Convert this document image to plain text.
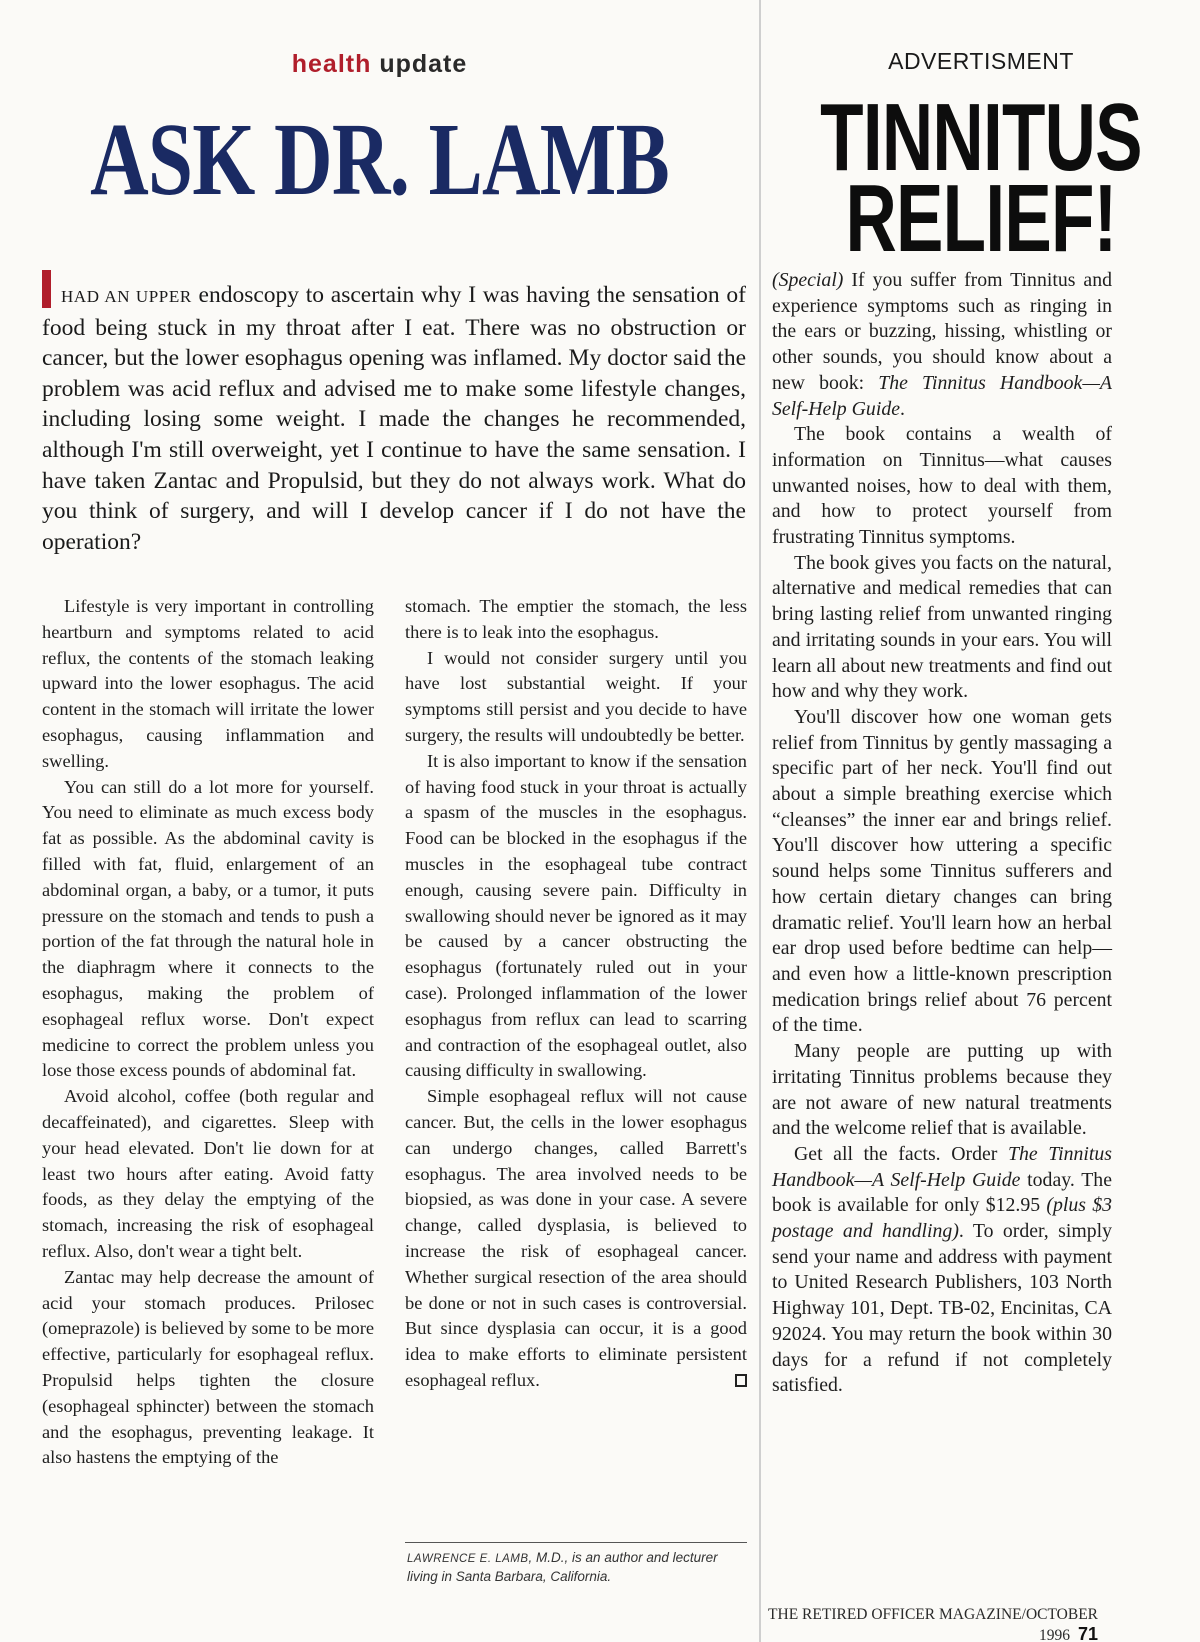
health update
ASK DR. LAMB
HAD AN UPPER endoscopy to ascertain why I was having the sensation of food being stuck in my throat after I eat. There was no obstruction or cancer, but the lower esophagus opening was inflamed. My doctor said the problem was acid reflux and advised me to make some lifestyle changes, including losing some weight. I made the changes he recommended, although I'm still overweight, yet I continue to have the same sensation. I have taken Zantac and Propulsid, but they do not always work. What do you think of surgery, and will I develop cancer if I do not have the operation?

Lifestyle is very important in controlling heartburn and symptoms related to acid reflux, the contents of the stomach leaking upward into the lower esophagus. The acid content in the stomach will irritate the lower esophagus, causing inflammation and swelling.

You can still do a lot more for yourself. You need to eliminate as much excess body fat as possible. As the abdominal cavity is filled with fat, fluid, enlargement of an abdominal organ, a baby, or a tumor, it puts pressure on the stomach and tends to push a portion of the fat through the natural hole in the diaphragm where it connects to the esophagus, making the problem of esophageal reflux worse. Don't expect medicine to correct the problem unless you lose those excess pounds of abdominal fat.

Avoid alcohol, coffee (both regular and decaffeinated), and cigarettes. Sleep with your head elevated. Don't lie down for at least two hours after eating. Avoid fatty foods, as they delay the emptying of the stomach, increasing the risk of esophageal reflux. Also, don't wear a tight belt.

Zantac may help decrease the amount of acid your stomach produces. Prilosec (omeprazole) is believed by some to be more effective, particularly for esophageal reflux. Propulsid helps tighten the closure (esophageal sphincter) between the stomach and the esophagus, preventing leakage. It also hastens the emptying of the

stomach. The emptier the stomach, the less there is to leak into the esophagus.

I would not consider surgery until you have lost substantial weight. If your symptoms still persist and you decide to have surgery, the results will undoubtedly be better.

It is also important to know if the sensation of having food stuck in your throat is actually a spasm of the muscles in the esophagus. Food can be blocked in the esophagus if the muscles in the esophageal tube contract enough, causing severe pain. Difficulty in swallowing should never be ignored as it may be caused by a cancer obstructing the esophagus (fortunately ruled out in your case). Prolonged inflammation of the lower esophagus from reflux can lead to scarring and contraction of the esophageal outlet, also causing difficulty in swallowing.

Simple esophageal reflux will not cause cancer. But, the cells in the lower esophagus can undergo changes, called Barrett's esophagus. The area involved needs to be biopsied, as was done in your case. A severe change, called dysplasia, is believed to increase the risk of esophageal cancer. Whether surgical resection of the area should be done or not in such cases is controversial. But since dysplasia can occur, it is a good idea to make efforts to eliminate persistent esophageal reflux.

LAWRENCE E. LAMB, M.D., is an author and lecturer living in Santa Barbara, California.
ADVERTISMENT
TINNITUS
RELIEF!

(Special) If you suffer from Tinnitus and experience symptoms such as ringing in the ears or buzzing, hissing, whistling or other sounds, you should know about a new book: The Tinnitus Handbook—A Self-Help Guide.

The book contains a wealth of information on Tinnitus—what causes unwanted noises, how to deal with them, and how to protect yourself from frustrating Tinnitus symptoms.

The book gives you facts on the natural, alternative and medical remedies that can bring lasting relief from unwanted ringing and irritating sounds in your ears. You will learn all about new treatments and find out how and why they work.

You'll discover how one woman gets relief from Tinnitus by gently massaging a specific part of her neck. You'll find out about a simple breathing exercise which “cleanses” the inner ear and brings relief. You'll discover how uttering a specific sound helps some Tinnitus sufferers and how certain dietary changes can bring dramatic relief. You'll learn how an herbal ear drop used before bedtime can help—and even how a little-known prescription medication brings relief about 76 percent of the time.

Many people are putting up with irritating Tinnitus problems because they are not aware of new natural treatments and the welcome relief that is available.

Get all the facts. Order The Tinnitus Handbook—A Self-Help Guide today. The book is available for only $12.95 (plus $3 postage and handling). To order, simply send your name and address with payment to United Research Publishers, 103 North Highway 101, Dept. TB-02, Encinitas, CA 92024. You may return the book within 30 days for a refund if not completely satisfied.

THE RETIRED OFFICER MAGAZINE/OCTOBER 1996 71
